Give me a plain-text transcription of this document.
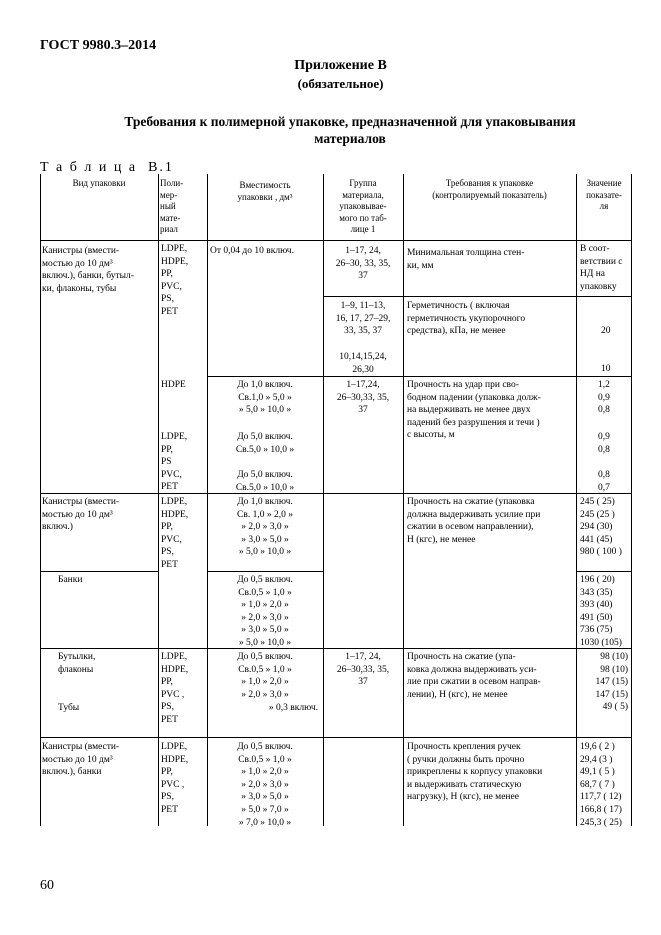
ГОСТ 9980.3–2014
Приложение В
(обязательное)
Требования к полимерной упаковке, предназначенной для упаковывания
материалов
Т а б л и ц а  В.1
Вид упаковки	Поли-
мер-
ный
мате-
риал
Вместимость
упаковки , дм³
Группа
материала,
упаковывае-
мого по таб-
лице 1
Требования к упаковке
(контролируемый показатель)
Значение
показате-
ля
Канистры (вмести-
мостью до 10 дм³
включ.), банки, бутыл-
ки, флаконы, тубы
Канистры (вмести-
мостью до 10 дм³
включ.)
Банки
Бутылки,
флаконы
Тубы
Канистры (вмести-
мостью до 10 дм³
включ.), банки
LDPE,
HDPE,
PP,
PVC,
PS,
PET
HDPE
LDPE,
PP,
PS
PVC,
PET
LDPE,
HDPE,
PP,
PVC,
PS,
PET
LDPE,
HDPE,
PP,
PVC ,
PS,
PET
LDPE,
HDPE,
PP,
PVC ,
PS,
PET
От 0,04 до 10 включ.
До 1,0 включ.
Св.1,0 » 5,0 »
» 5,0 » 10,0 »
До 5,0 включ.
Св.5,0 » 10,0 »
До 5,0 включ.
Св.5,0 » 10,0 »
До 1,0 включ.
Св. 1,0 » 2,0 »
» 2,0 » 3,0 »
» 3,0 » 5,0 »
» 5,0 » 10,0 »
До 0,5 включ.
Св.0,5 » 1,0 »
» 1,0 » 2,0 »
» 2,0 » 3,0 »
» 3,0 » 5,0 »
» 5,0 » 10,0 »
До 0,5 включ.
Св.0,5 » 1,0 »
» 1,0 » 2,0 »
» 2,0 » 3,0 »
» 0,3 включ.
До 0,5 включ.
Св.0,5 » 1,0 »
» 1,0 » 2,0 »
» 2,0 » 3,0 »
» 3,0 » 5,0 »
» 5,0 » 7,0 »
» 7,0 » 10,0 »
1–17, 24,
26–30, 33, 35,
37
1–9, 11–13,
16, 17, 27–29,
33, 35, 37
10,14,15,24,
26,30
1–17,24,
26–30,33, 35,
37
1–17, 24,
26–30,33, 35,
37
Минимальная толщина стен-
ки, мм
Герметичность ( включая
герметичность укупорочного
средства), кПа, не менее
Прочность на удар при сво-
бодном падении (упаковка долж-
на выдерживать не менее двух
падений без разрушения и течи )
с высоты, м
Прочность на сжатие (упаковка
должна выдерживать усилие при
сжатии в осевом направлении),
Н (кгс), не менее
Прочность на сжатие (упа-
ковка должна выдерживать уси-
лие при сжатии в осевом направ-
лении), Н (кгс), не менее
Прочность крепления ручек
( ручки должны быть прочно
прикреплены к корпусу упаковки
и выдерживать статическую
нагрузку), Н (кгс), не менее
В соот-
ветствии с
НД на
упаковку
20
10
1,2
0,9
0,8
0,9
0,8
0,8
0,7
245 ( 25)
245 (25 )
294 (30)
441 (45)
980 ( 100 )
196 ( 20)
343 (35)
393 (40)
491 (50)
736 (75)
1030 (105)
98 (10)
98 (10)
147 (15)
147 (15)
49 ( 5)
19,6 ( 2 )
29,4 (3 )
49,1 ( 5 )
68,7 ( 7 )
117,7 ( 12)
166,8 ( 17)
245,3 ( 25)
60
